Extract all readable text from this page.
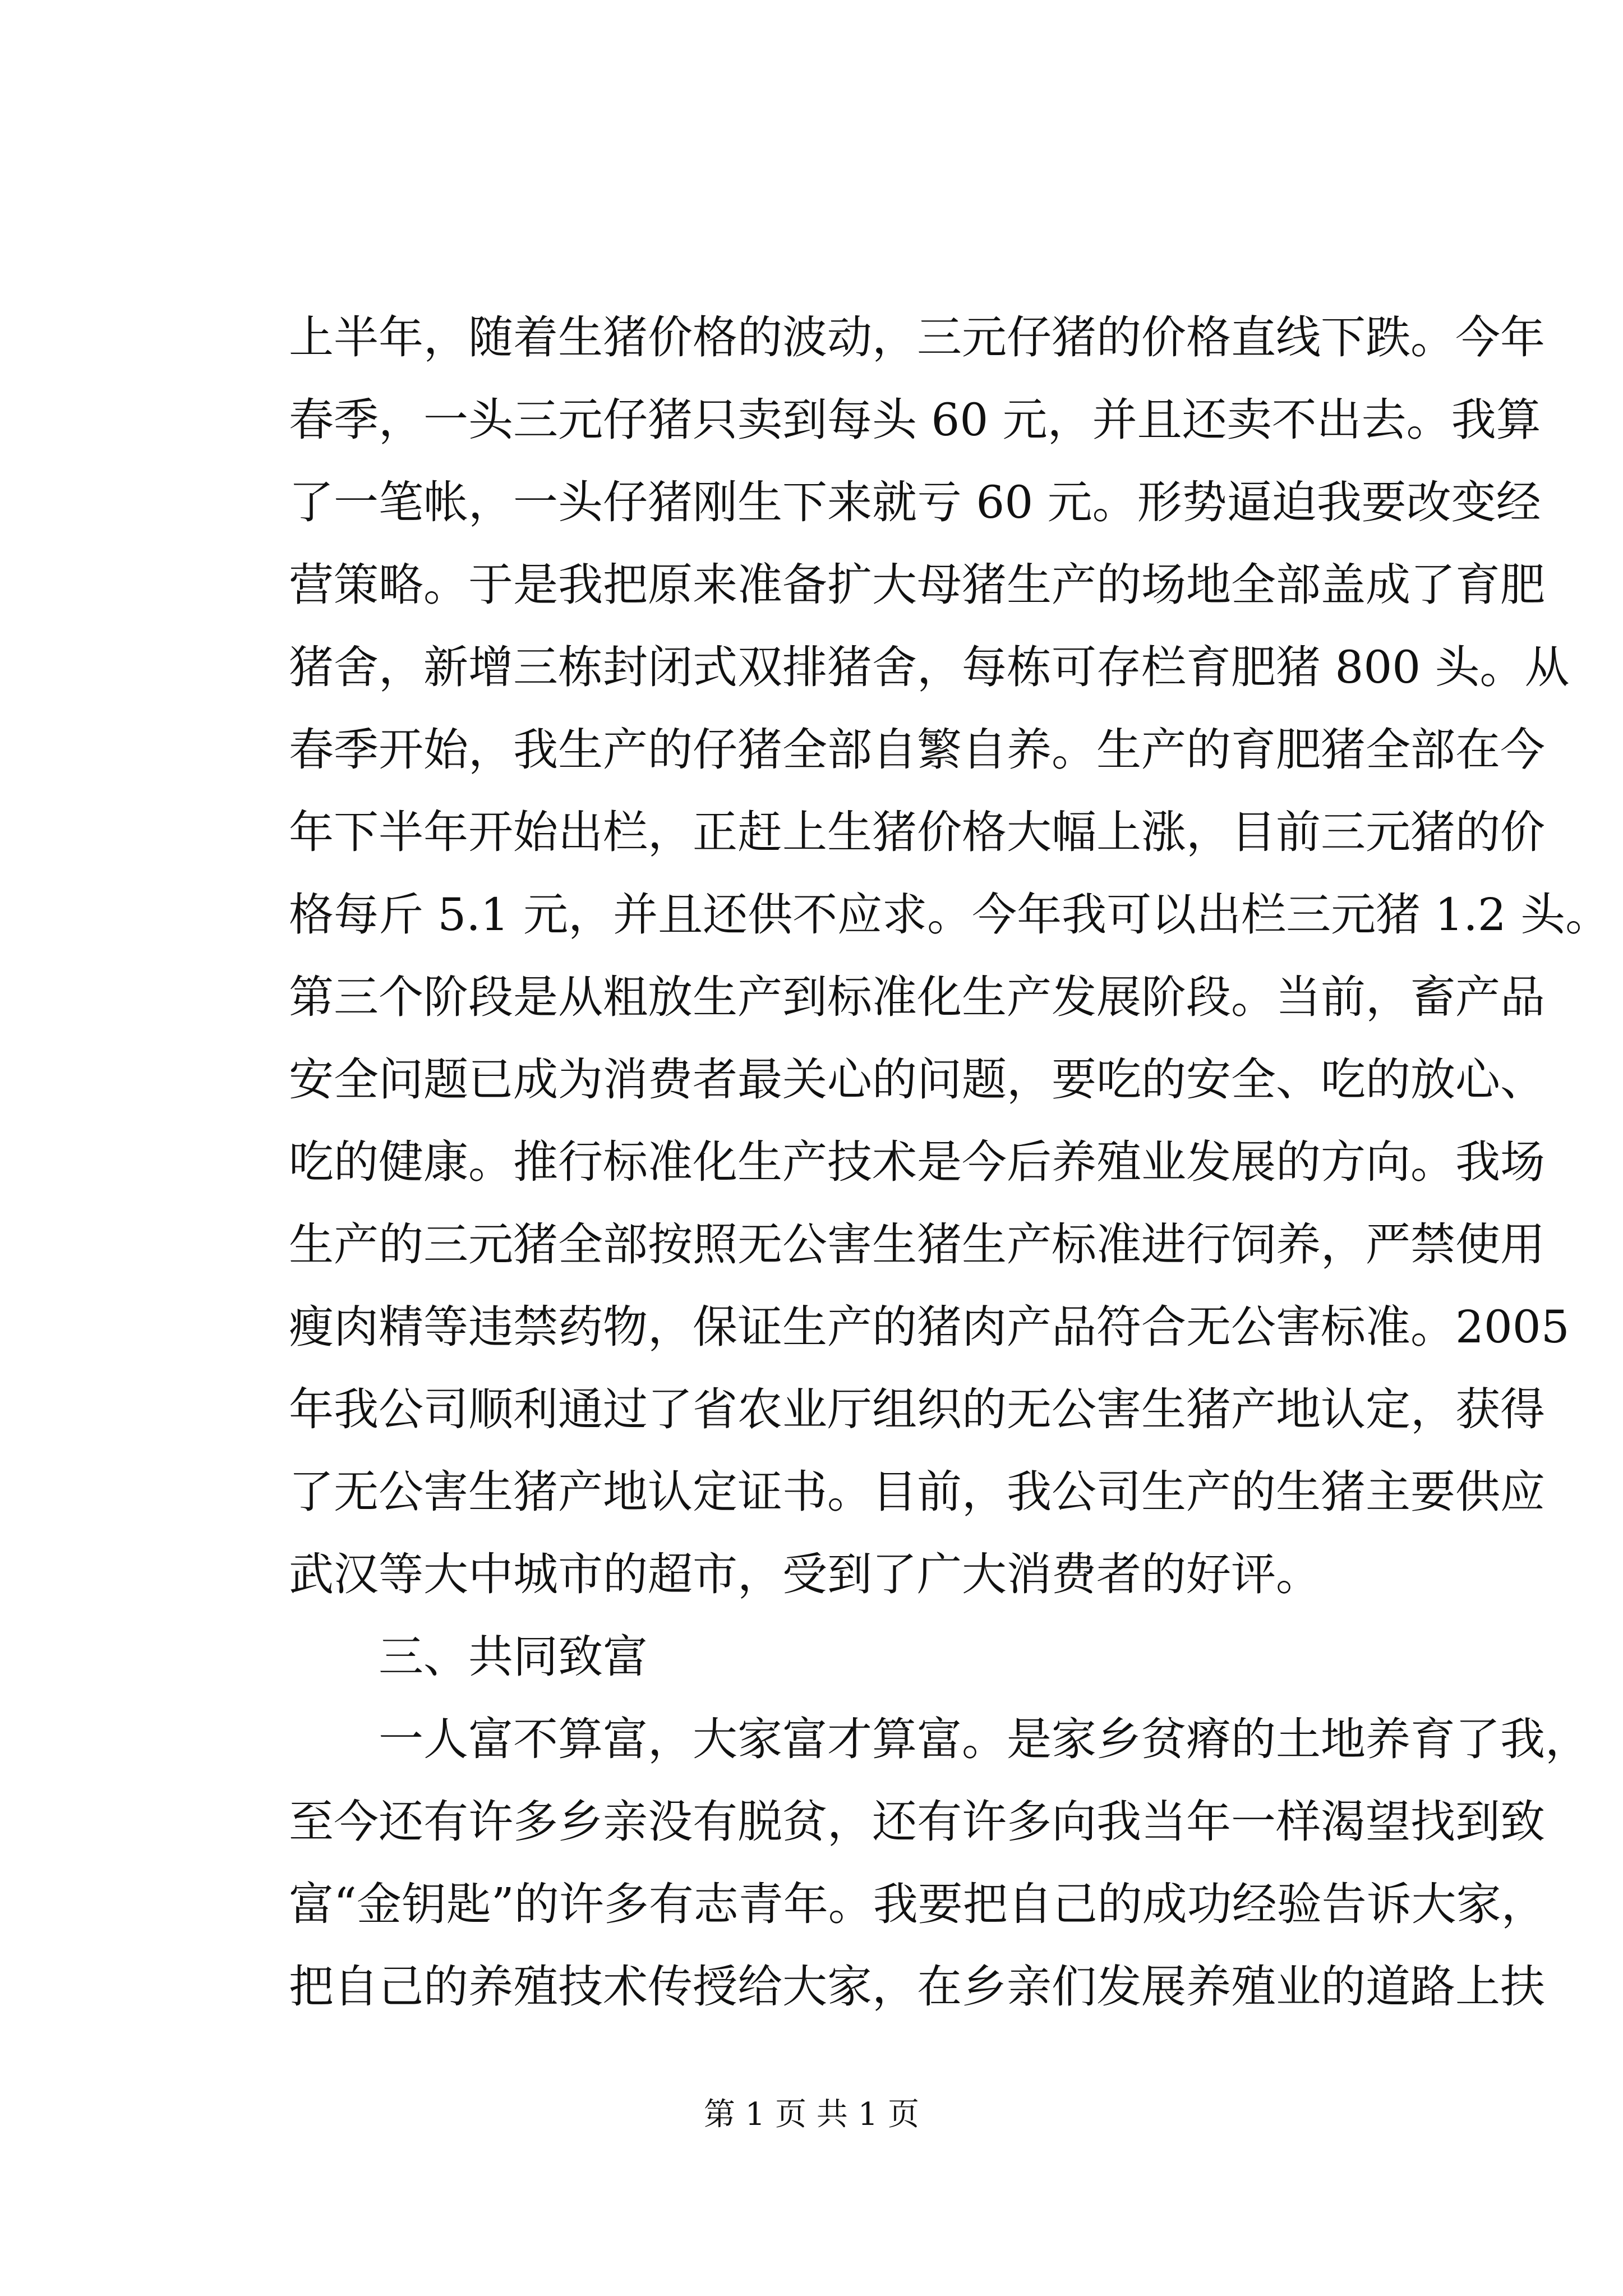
上半年，随着生猪价格的波动，三元仔猪的价格直线下跌。今年
春季，一头三元仔猪只卖到每头 60 元，并且还卖不出去。我算
了一笔帐，一头仔猪刚生下来就亏 60 元。形势逼迫我要改变经
营策略。于是我把原来准备扩大母猪生产的场地全部盖成了育肥
猪舍，新增三栋封闭式双排猪舍，每栋可存栏育肥猪 800 头。从
春季开始，我生产的仔猪全部自繁自养。生产的育肥猪全部在今
年下半年开始出栏，正赶上生猪价格大幅上涨，目前三元猪的价
格每斤 5.1 元，并且还供不应求。今年我可以出栏三元猪 1.2 头。
第三个阶段是从粗放生产到标准化生产发展阶段。当前，畜产品
安全问题已成为消费者最关心的问题，要吃的安全、吃的放心、
吃的健康。推行标准化生产技术是今后养殖业发展的方向。我场
生产的三元猪全部按照无公害生猪生产标准进行饲养，严禁使用
瘦肉精等违禁药物，保证生产的猪肉产品符合无公害标准。2005
年我公司顺利通过了省农业厅组织的无公害生猪产地认定，获得
了无公害生猪产地认定证书。目前，我公司生产的生猪主要供应
武汉等大中城市的超市，受到了广大消费者的好评。
三、共同致富
一人富不算富，大家富才算富。是家乡贫瘠的土地养育了我，
至今还有许多乡亲没有脱贫，还有许多向我当年一样渴望找到致
富“金钥匙”的许多有志青年。我要把自己的成功经验告诉大家，
把自己的养殖技术传授给大家，在乡亲们发展养殖业的道路上扶
第 1 页 共 1 页
